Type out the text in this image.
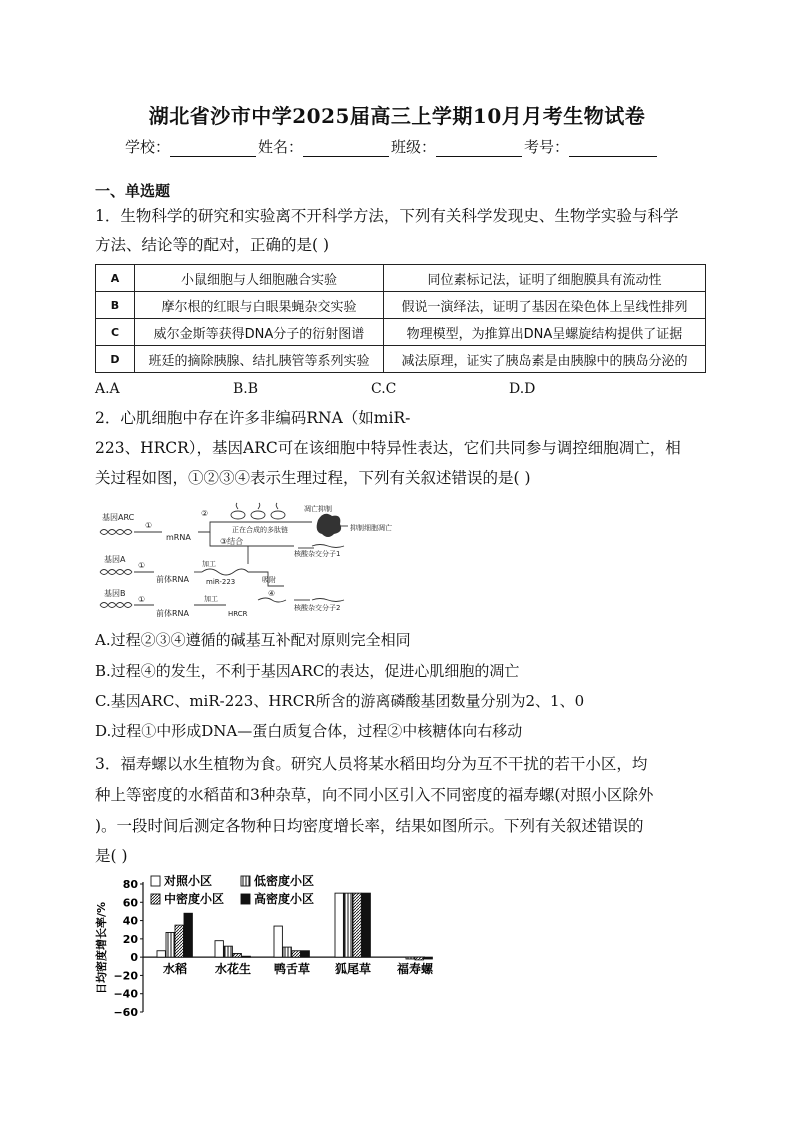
湖北省沙市中学2025届高三上学期10月月考生物试卷
学校：	姓名：	班级：	考号：
一、单选题
1．生物科学的研究和实验离不开科学方法，下列有关科学发现史、生物学实验与科学
方法、结论等的配对，正确的是( )
A	小鼠细胞与人细胞融合实验	同位素标记法，证明了细胞膜具有流动性
B	摩尔根的红眼与白眼果蝇杂交实验	假说一演绎法，证明了基因在染色体上呈线性排列
C	威尔金斯等获得DNA分子的衍射图谱	物理模型，为推算出DNA呈螺旋结构提供了证据
D	班廷的摘除胰腺、结扎胰管等系列实验	减法原理，证实了胰岛素是由胰腺中的胰岛分泌的
A.A	B.B	C.C	D.D
2．心肌细胞中存在许多非编码RNA（如miR-
223、HRCR），基因ARC可在该细胞中特异性表达，它们共同参与调控细胞凋亡，相
关过程如图，①②③④表示生理过程，下列有关叙述错误的是( )
基因ARC
基因A
基因B
①
mRNA
②
正在合成的多肽链
凋亡抑制
抑制细胞凋亡
③结合
核酸杂交分子1
①
前体RNA
加工
miR-223	吸附
④
核酸杂交分子2
①
前体RNA
加工
HRCR
A.过程②③④遵循的碱基互补配对原则完全相同
B.过程④的发生，不利于基因ARC的表达，促进心肌细胞的凋亡
C.基因ARC、miR-223、HRCR所含的游离磷酸基团数量分别为2、1、0
D.过程①中形成DNA—蛋白质复合体，过程②中核糖体向右移动
3．福寿螺以水生植物为食。研究人员将某水稻田均分为互不干扰的若干小区，均
种上等密度的水稻苗和3种杂草，向不同小区引入不同密度的福寿螺(对照小区除外
)。一段时间后测定各物种日均密度增长率，结果如图所示。下列有关叙述错误的
是( )
日均密度增长率/%
80
60
40
20
0
−20
−40
−60
水稻 水花生 鸭舌草 狐尾草 福寿螺
对照小区	低密度小区
中密度小区 高密度小区
